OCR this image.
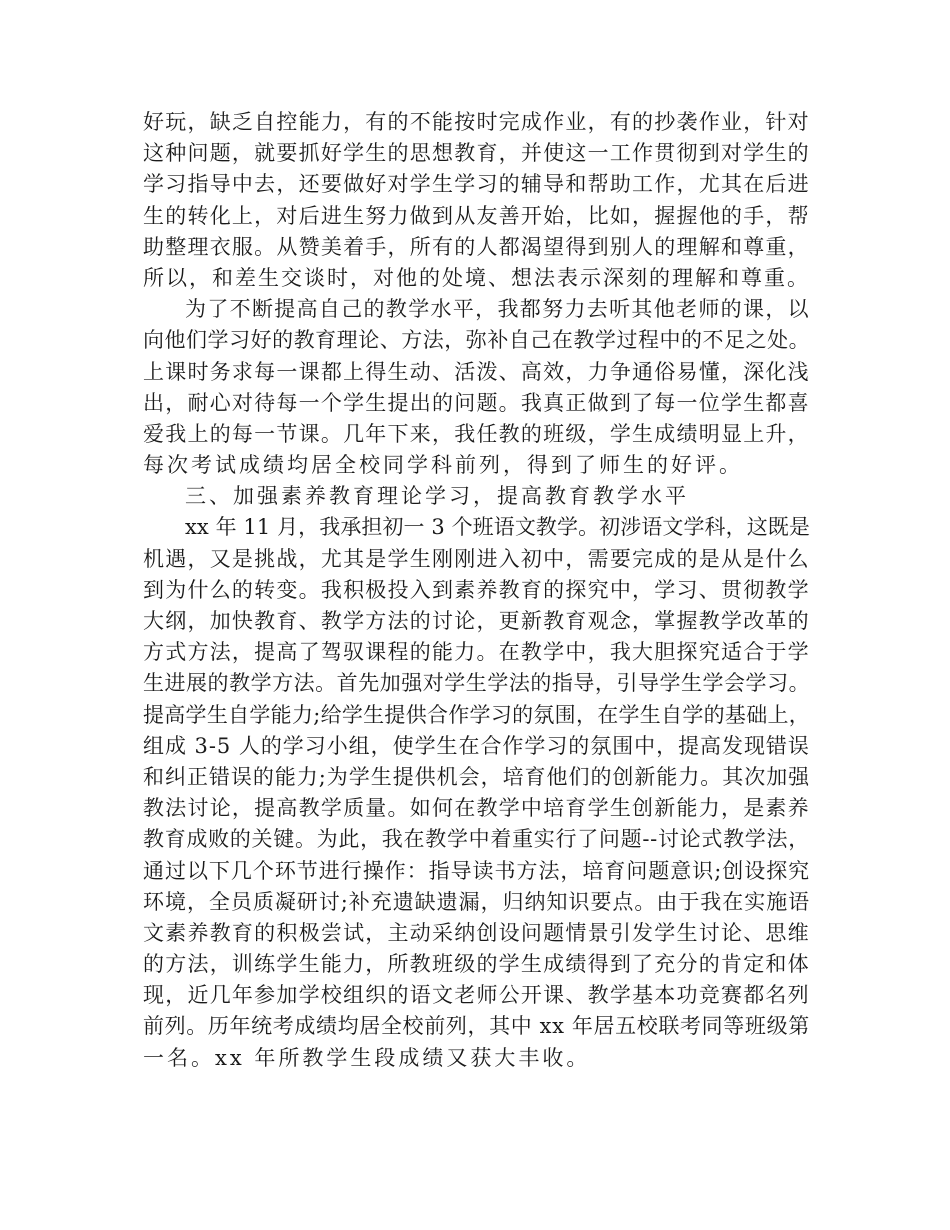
好玩，缺乏自控能力，有的不能按时完成作业，有的抄袭作业，针对
这种问题，就要抓好学生的思想教育，并使这一工作贯彻到对学生的
学习指导中去，还要做好对学生学习的辅导和帮助工作，尤其在后进
生的转化上，对后进生努力做到从友善开始，比如，握握他的手，帮
助整理衣服。从赞美着手，所有的人都渴望得到别人的理解和尊重，
所以，和差生交谈时，对他的处境、想法表示深刻的理解和尊重。
为了不断提高自己的教学水平，我都努力去听其他老师的课，以
向他们学习好的教育理论、方法，弥补自己在教学过程中的不足之处。
上课时务求每一课都上得生动、活泼、高效，力争通俗易懂，深化浅
出，耐心对待每一个学生提出的问题。我真正做到了每一位学生都喜
爱我上的每一节课。几年下来，我任教的班级，学生成绩明显上升，
每次考试成绩均居全校同学科前列，得到了师生的好评。
三、加强素养教育理论学习，提高教育教学水平
xx 年 11 月，我承担初一 3 个班语文教学。初涉语文学科，这既是
机遇，又是挑战，尤其是学生刚刚进入初中，需要完成的是从是什么
到为什么的转变。我积极投入到素养教育的探究中，学习、贯彻教学
大纲，加快教育、教学方法的讨论，更新教育观念，掌握教学改革的
方式方法，提高了驾驭课程的能力。在教学中，我大胆探究适合于学
生进展的教学方法。首先加强对学生学法的指导，引导学生学会学习。
提高学生自学能力;给学生提供合作学习的氛围，在学生自学的基础上，
组成 3-5 人的学习小组，使学生在合作学习的氛围中，提高发现错误
和纠正错误的能力;为学生提供机会，培育他们的创新能力。其次加强
教法讨论，提高教学质量。如何在教学中培育学生创新能力，是素养
教育成败的关键。为此，我在教学中着重实行了问题--讨论式教学法，
通过以下几个环节进行操作：指导读书方法，培育问题意识;创设探究
环境，全员质凝研讨;补充遗缺遗漏，归纳知识要点。由于我在实施语
文素养教育的积极尝试，主动采纳创设问题情景引发学生讨论、思维
的方法，训练学生能力，所教班级的学生成绩得到了充分的肯定和体
现，近几年参加学校组织的语文老师公开课、教学基本功竞赛都名列
前列。历年统考成绩均居全校前列，其中 xx 年居五校联考同等班级第
一名。xx 年所教学生段成绩又获大丰收。
